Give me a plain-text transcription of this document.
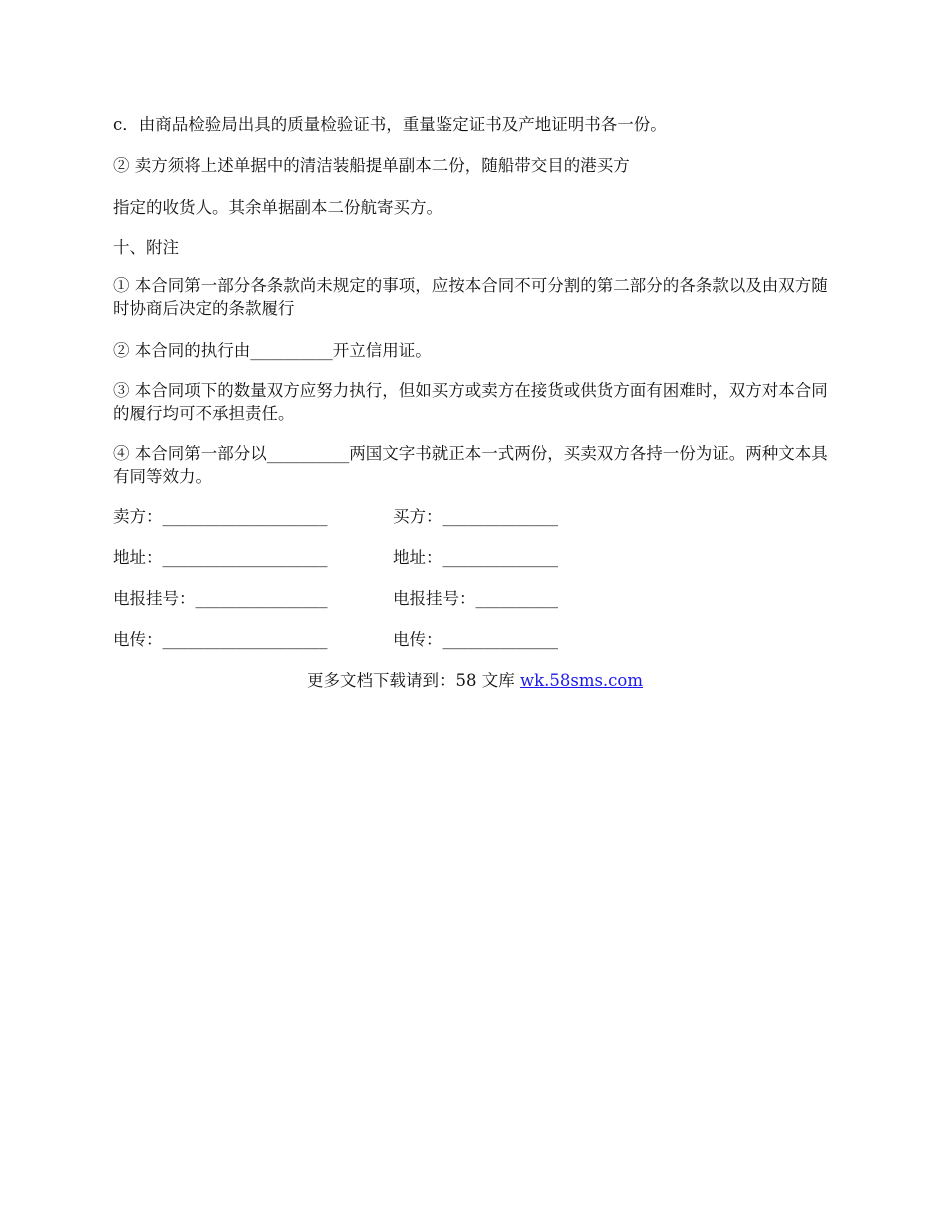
c．由商品检验局出具的质量检验证书，重量鉴定证书及产地证明书各一份。

② 卖方须将上述单据中的清洁装船提单副本二份，随船带交目的港买方

指定的收货人。其余单据副本二份航寄买方。

十、附注

① 本合同第一部分各条款尚未规定的事项，应按本合同不可分割的第二部分的各条款以及由双方随时协商后决定的条款履行

② 本合同的执行由__________开立信用证。

③ 本合同项下的数量双方应努力执行，但如买方或卖方在接货或供货方面有困难时，双方对本合同的履行均可不承担责任。

④ 本合同第一部分以__________两国文字书就正本一式两份，买卖双方各持一份为证。两种文本具有同等效力。

卖方：____________________	买方：______________
地址：____________________	地址：______________
电报挂号：________________	电报挂号：__________
电传：____________________	电传：______________
更多文档下载请到：58 文库 wk.58sms.com
